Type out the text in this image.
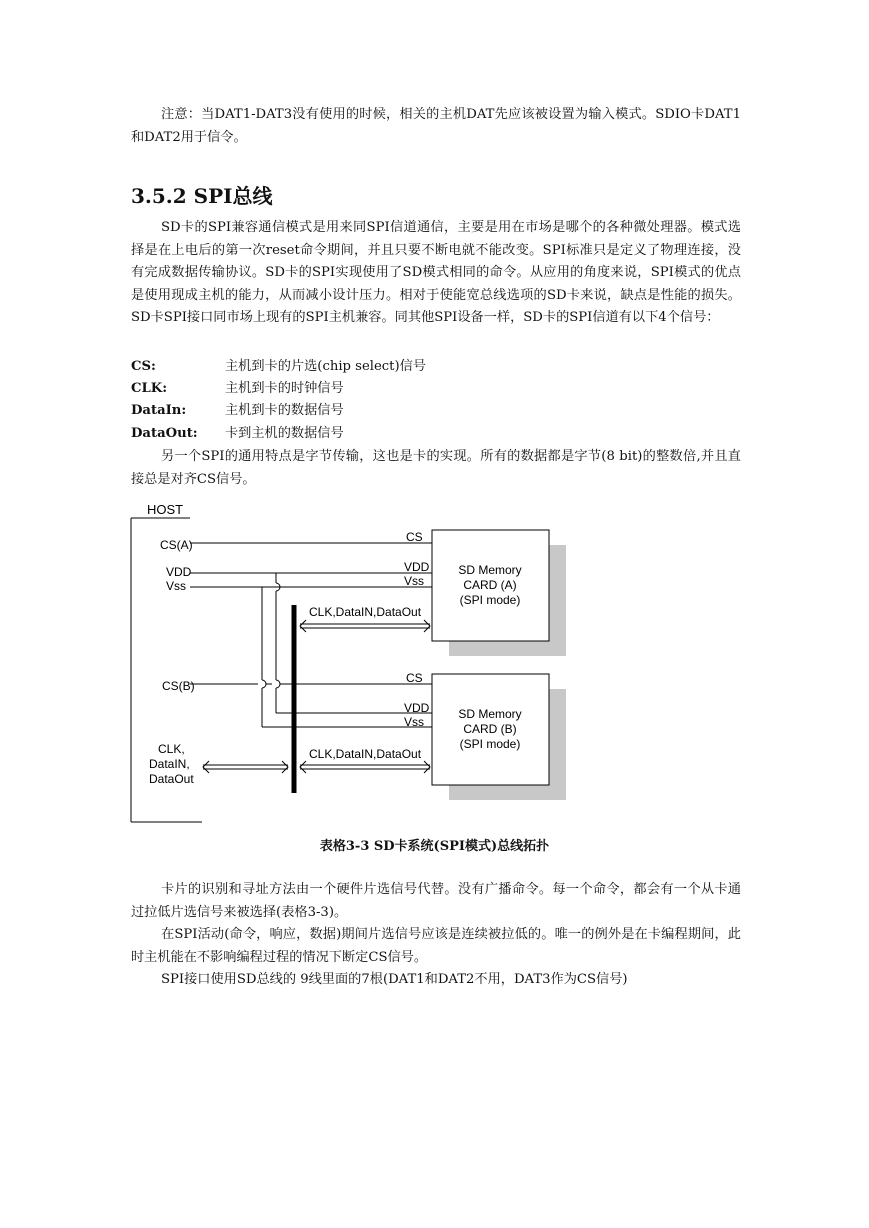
注意：当DAT1-DAT3没有使用的时候，相关的主机DAT先应该被设置为输入模式。SDIO卡DAT1和DAT2用于信令。

3.5.2 SPI总线

SD卡的SPI兼容通信模式是用来同SPI信道通信，主要是用在市场是哪个的各种微处理器。模式选择是在上电后的第一次reset命令期间，并且只要不断电就不能改变。SPI标准只是定义了物理连接，没有完成数据传输协议。SD卡的SPI实现使用了SD模式相同的命令。从应用的角度来说，SPI模式的优点是使用现成主机的能力，从而减小设计压力。相对于使能宽总线选项的SD卡来说，缺点是性能的损失。SD卡SPI接口同市场上现有的SPI主机兼容。同其他SPI设备一样，SD卡的SPI信道有以下4个信号：

CS:	主机到卡的片选(chip select)信号
CLK:	主机到卡的时钟信号
DataIn:	主机到卡的数据信号
DataOut: 卡到主机的数据信号

另一个SPI的通用特点是字节传输，这也是卡的实现。所有的数据都是字节(8 bit)的整数倍,并且直接总是对齐CS信号。

HOST
CS(A)
VDD
Vss
CS(B)
CLK,
DataIN,
DataOut
SD Memory
CARD (A)
(SPI mode)
SD Memory
CARD (B)
(SPI mode)
CS
VDD
Vss
CS
VDD
Vss
CLK,DataIN,DataOut
CLK,DataIN,DataOut
表格3-3 SD卡系统(SPI模式)总线拓扑

卡片的识别和寻址方法由一个硬件片选信号代替。没有广播命令。每一个命令，都会有一个从卡通过拉低片选信号来被选择(表格3-3)。

在SPI活动(命令，响应，数据)期间片选信号应该是连续被拉低的。唯一的例外是在卡编程期间，此时主机能在不影响编程过程的情况下断定CS信号。

SPI接口使用SD总线的 9线里面的7根(DAT1和DAT2不用，DAT3作为CS信号)
